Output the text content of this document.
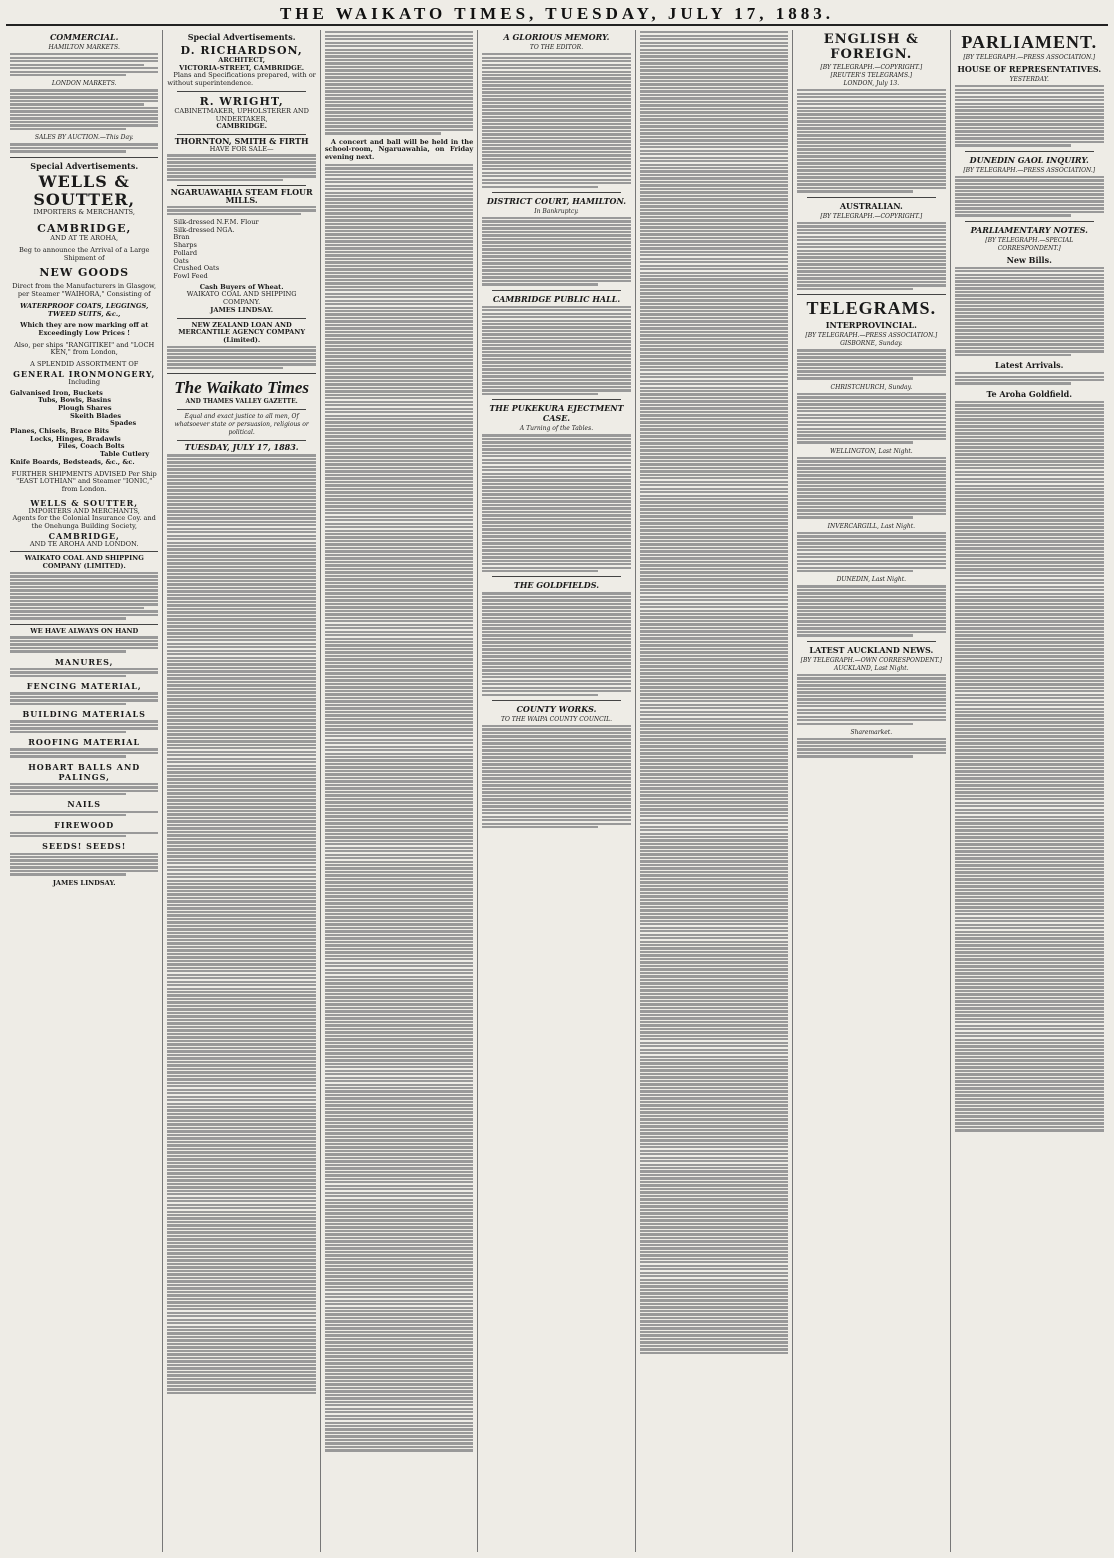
THE WAIKATO TIMES, TUESDAY, JULY 17, 1883.
COMMERCIAL.
HAMILTON MARKETS.
LONDON MARKETS.
SALES BY AUCTION.—This Day.
Special Advertisements.
WELLS & SOUTTER,
IMPORTERS & MERCHANTS,
CAMBRIDGE,
AND AT TE AROHA,
Beg to announce the Arrival of a Large Shipment of
NEW GOODS
Direct from the Manufacturers in Glasgow, per Steamer "WAIHORA," Consisting of
WATERPROOF COATS, LEGGINGS, TWEED SUITS, &c.,
Which they are now marking off at Exceedingly Low Prices !
Also, per ships "RANGITIKEI" and "LOCH KEN," from London,
A SPLENDID ASSORTMENT OF
GENERAL IRONMONGERY,
Including
Galvanised Iron, Buckets
Tubs, Bowls, Basins
Plough Shares
Skeith Blades
Spades
Planes, Chisels, Brace Bits
Locks, Hinges, Bradawls
Files, Coach Bolts
Table Cutlery
Knife Boards, Bedsteads, &c., &c.
FURTHER SHIPMENTS ADVISED Per Ship "EAST LOTHIAN" and Steamer "IONIC," from London.
WELLS & SOUTTER,
IMPORTERS AND MERCHANTS,
Agents for the Colonial Insurance Coy. and the Onehunga Building Society,
CAMBRIDGE,
AND TE AROHA AND LONDON.
WAIKATO COAL AND SHIPPING COMPANY (LIMITED).
WE HAVE ALWAYS ON HAND
MANURES,
FENCING MATERIAL,
BUILDING MATERIALS
ROOFING MATERIAL
HOBART BALLS AND PALINGS,
NAILS
FIREWOOD
SEEDS! SEEDS!
JAMES LINDSAY.
Special Advertisements.
D. RICHARDSON,
ARCHITECT,
VICTORIA-STREET, CAMBRIDGE.

Plans and Specifications prepared, with or without superintendence.

R. WRIGHT,
CABINETMAKER, UPHOLSTERER AND UNDERTAKER,
CAMBRIDGE.
THORNTON, SMITH & FIRTH
HAVE FOR SALE—
NGARUAWAHIA STEAM FLOUR MILLS.
Silk-dressed N.F.M. Flour
Silk-dressed NGA.
Bran
Sharps
Pollard
Oats
Crushed Oats
Fowl Feed
Cash Buyers of Wheat.
WAIKATO COAL AND SHIPPING COMPANY.
JAMES LINDSAY.
NEW ZEALAND LOAN AND MERCANTILE AGENCY COMPANY (Limited).
The Waikato Times
AND THAMES VALLEY GAZETTE.
Equal and exact justice to all men, Of whatsoever state or persuasion, religious or political.
TUESDAY, JULY 17, 1883.

A concert and ball will be held in the school-room, Ngaruawahia, on Friday evening next.

A GLORIOUS MEMORY.
TO THE EDITOR.
DISTRICT COURT, HAMILTON.
In Bankruptcy.
CAMBRIDGE PUBLIC HALL.
THE PUKEKURA EJECTMENT CASE.
A Turning of the Tables.
THE GOLDFIELDS.
COUNTY WORKS.
TO THE WAIPA COUNTY COUNCIL.
ENGLISH & FOREIGN.
[BY TELEGRAPH.—COPYRIGHT.]
[REUTER'S TELEGRAMS.]
LONDON, July 13.
AUSTRALIAN.
[BY TELEGRAPH.—COPYRIGHT.]
TELEGRAMS.
INTERPROVINCIAL.
[BY TELEGRAPH.—PRESS ASSOCIATION.]
GISBORNE, Sunday.
CHRISTCHURCH, Sunday.
WELLINGTON, Last Night.
INVERCARGILL, Last Night.
DUNEDIN, Last Night.
LATEST AUCKLAND NEWS.
[BY TELEGRAPH.—OWN CORRESPONDENT.]
AUCKLAND, Last Night.
Sharemarket.
PARLIAMENT.
[BY TELEGRAPH.—PRESS ASSOCIATION.]
HOUSE OF REPRESENTATIVES.
YESTERDAY.
DUNEDIN GAOL INQUIRY.
[BY TELEGRAPH.—PRESS ASSOCIATION.]
PARLIAMENTARY NOTES.
[BY TELEGRAPH.—SPECIAL CORRESPONDENT.]
New Bills.
Latest Arrivals.
Te Aroha Goldfield.
